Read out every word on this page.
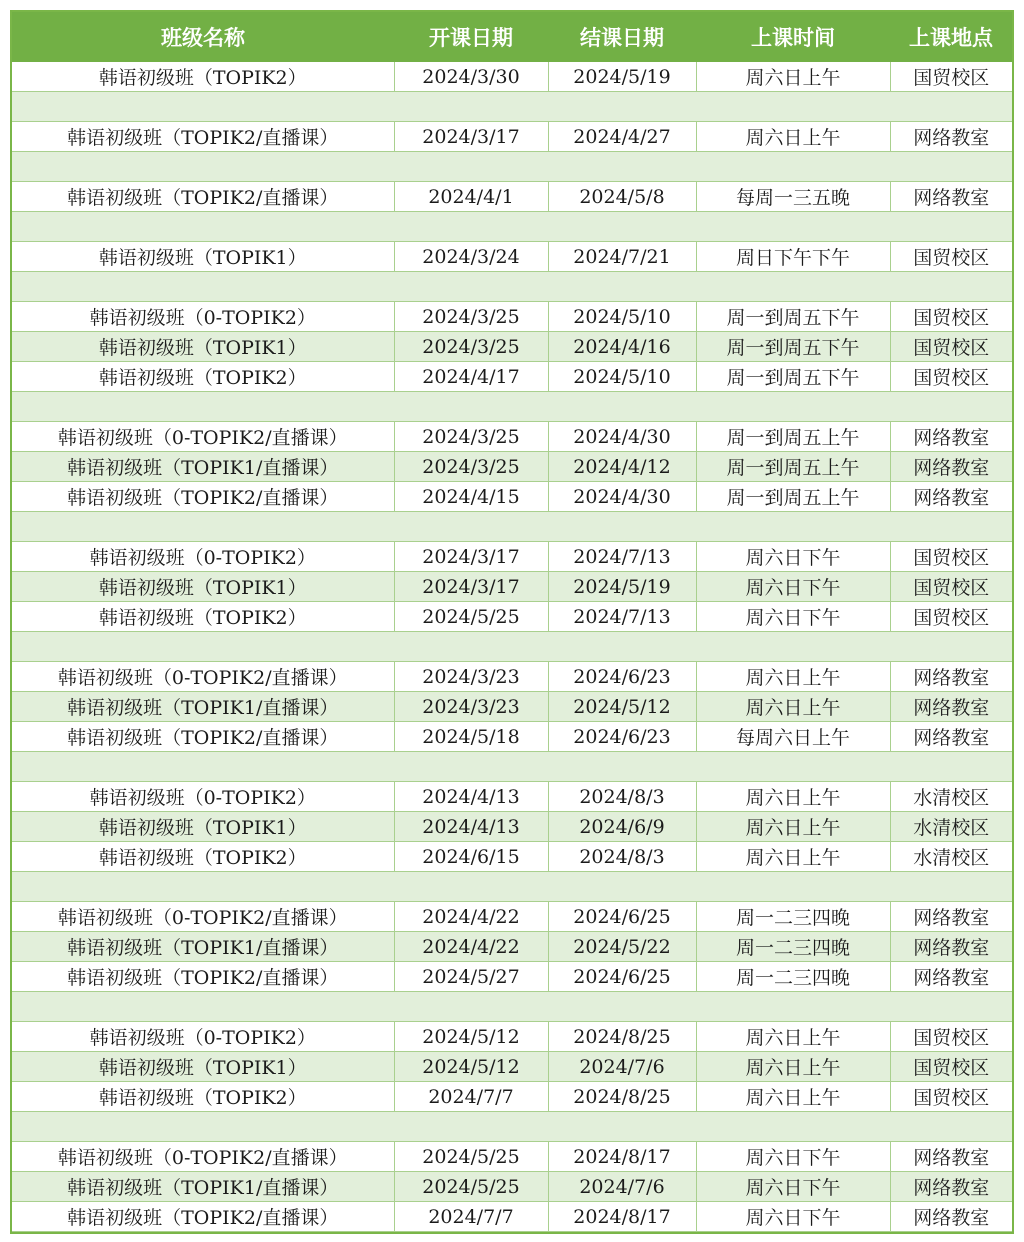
班级名称	开课日期	结课日期	上课时间	上课地点
韩语初级班（TOPIK2）	2024/3/30	2024/5/19	周六日上午	国贸校区

韩语初级班（TOPIK2/直播课）	2024/3/17	2024/4/27	周六日上午	网络教室

韩语初级班（TOPIK2/直播课）	2024/4/1	2024/5/8	每周一三五晚	网络教室

韩语初级班（TOPIK1）	2024/3/24	2024/7/21	周日下午下午	国贸校区

韩语初级班（0-TOPIK2）	2024/3/25	2024/5/10	周一到周五下午	国贸校区
韩语初级班（TOPIK1）	2024/3/25	2024/4/16	周一到周五下午	国贸校区
韩语初级班（TOPIK2）	2024/4/17	2024/5/10	周一到周五下午	国贸校区

韩语初级班（0-TOPIK2/直播课）	2024/3/25	2024/4/30	周一到周五上午	网络教室
韩语初级班（TOPIK1/直播课）	2024/3/25	2024/4/12	周一到周五上午	网络教室
韩语初级班（TOPIK2/直播课）	2024/4/15	2024/4/30	周一到周五上午	网络教室

韩语初级班（0-TOPIK2）	2024/3/17	2024/7/13	周六日下午	国贸校区
韩语初级班（TOPIK1）	2024/3/17	2024/5/19	周六日下午	国贸校区
韩语初级班（TOPIK2）	2024/5/25	2024/7/13	周六日下午	国贸校区

韩语初级班（0-TOPIK2/直播课）	2024/3/23	2024/6/23	周六日上午	网络教室
韩语初级班（TOPIK1/直播课）	2024/3/23	2024/5/12	周六日上午	网络教室
韩语初级班（TOPIK2/直播课）	2024/5/18	2024/6/23	每周六日上午	网络教室

韩语初级班（0-TOPIK2）	2024/4/13	2024/8/3	周六日上午	水清校区
韩语初级班（TOPIK1）	2024/4/13	2024/6/9	周六日上午	水清校区
韩语初级班（TOPIK2）	2024/6/15	2024/8/3	周六日上午	水清校区

韩语初级班（0-TOPIK2/直播课）	2024/4/22	2024/6/25	周一二三四晚	网络教室
韩语初级班（TOPIK1/直播课）	2024/4/22	2024/5/22	周一二三四晚	网络教室
韩语初级班（TOPIK2/直播课）	2024/5/27	2024/6/25	周一二三四晚	网络教室

韩语初级班（0-TOPIK2）	2024/5/12	2024/8/25	周六日上午	国贸校区
韩语初级班（TOPIK1）	2024/5/12	2024/7/6	周六日上午	国贸校区
韩语初级班（TOPIK2）	2024/7/7	2024/8/25	周六日上午	国贸校区

韩语初级班（0-TOPIK2/直播课）	2024/5/25	2024/8/17	周六日下午	网络教室
韩语初级班（TOPIK1/直播课）	2024/5/25	2024/7/6	周六日下午	网络教室
韩语初级班（TOPIK2/直播课）	2024/7/7	2024/8/17	周六日下午	网络教室
